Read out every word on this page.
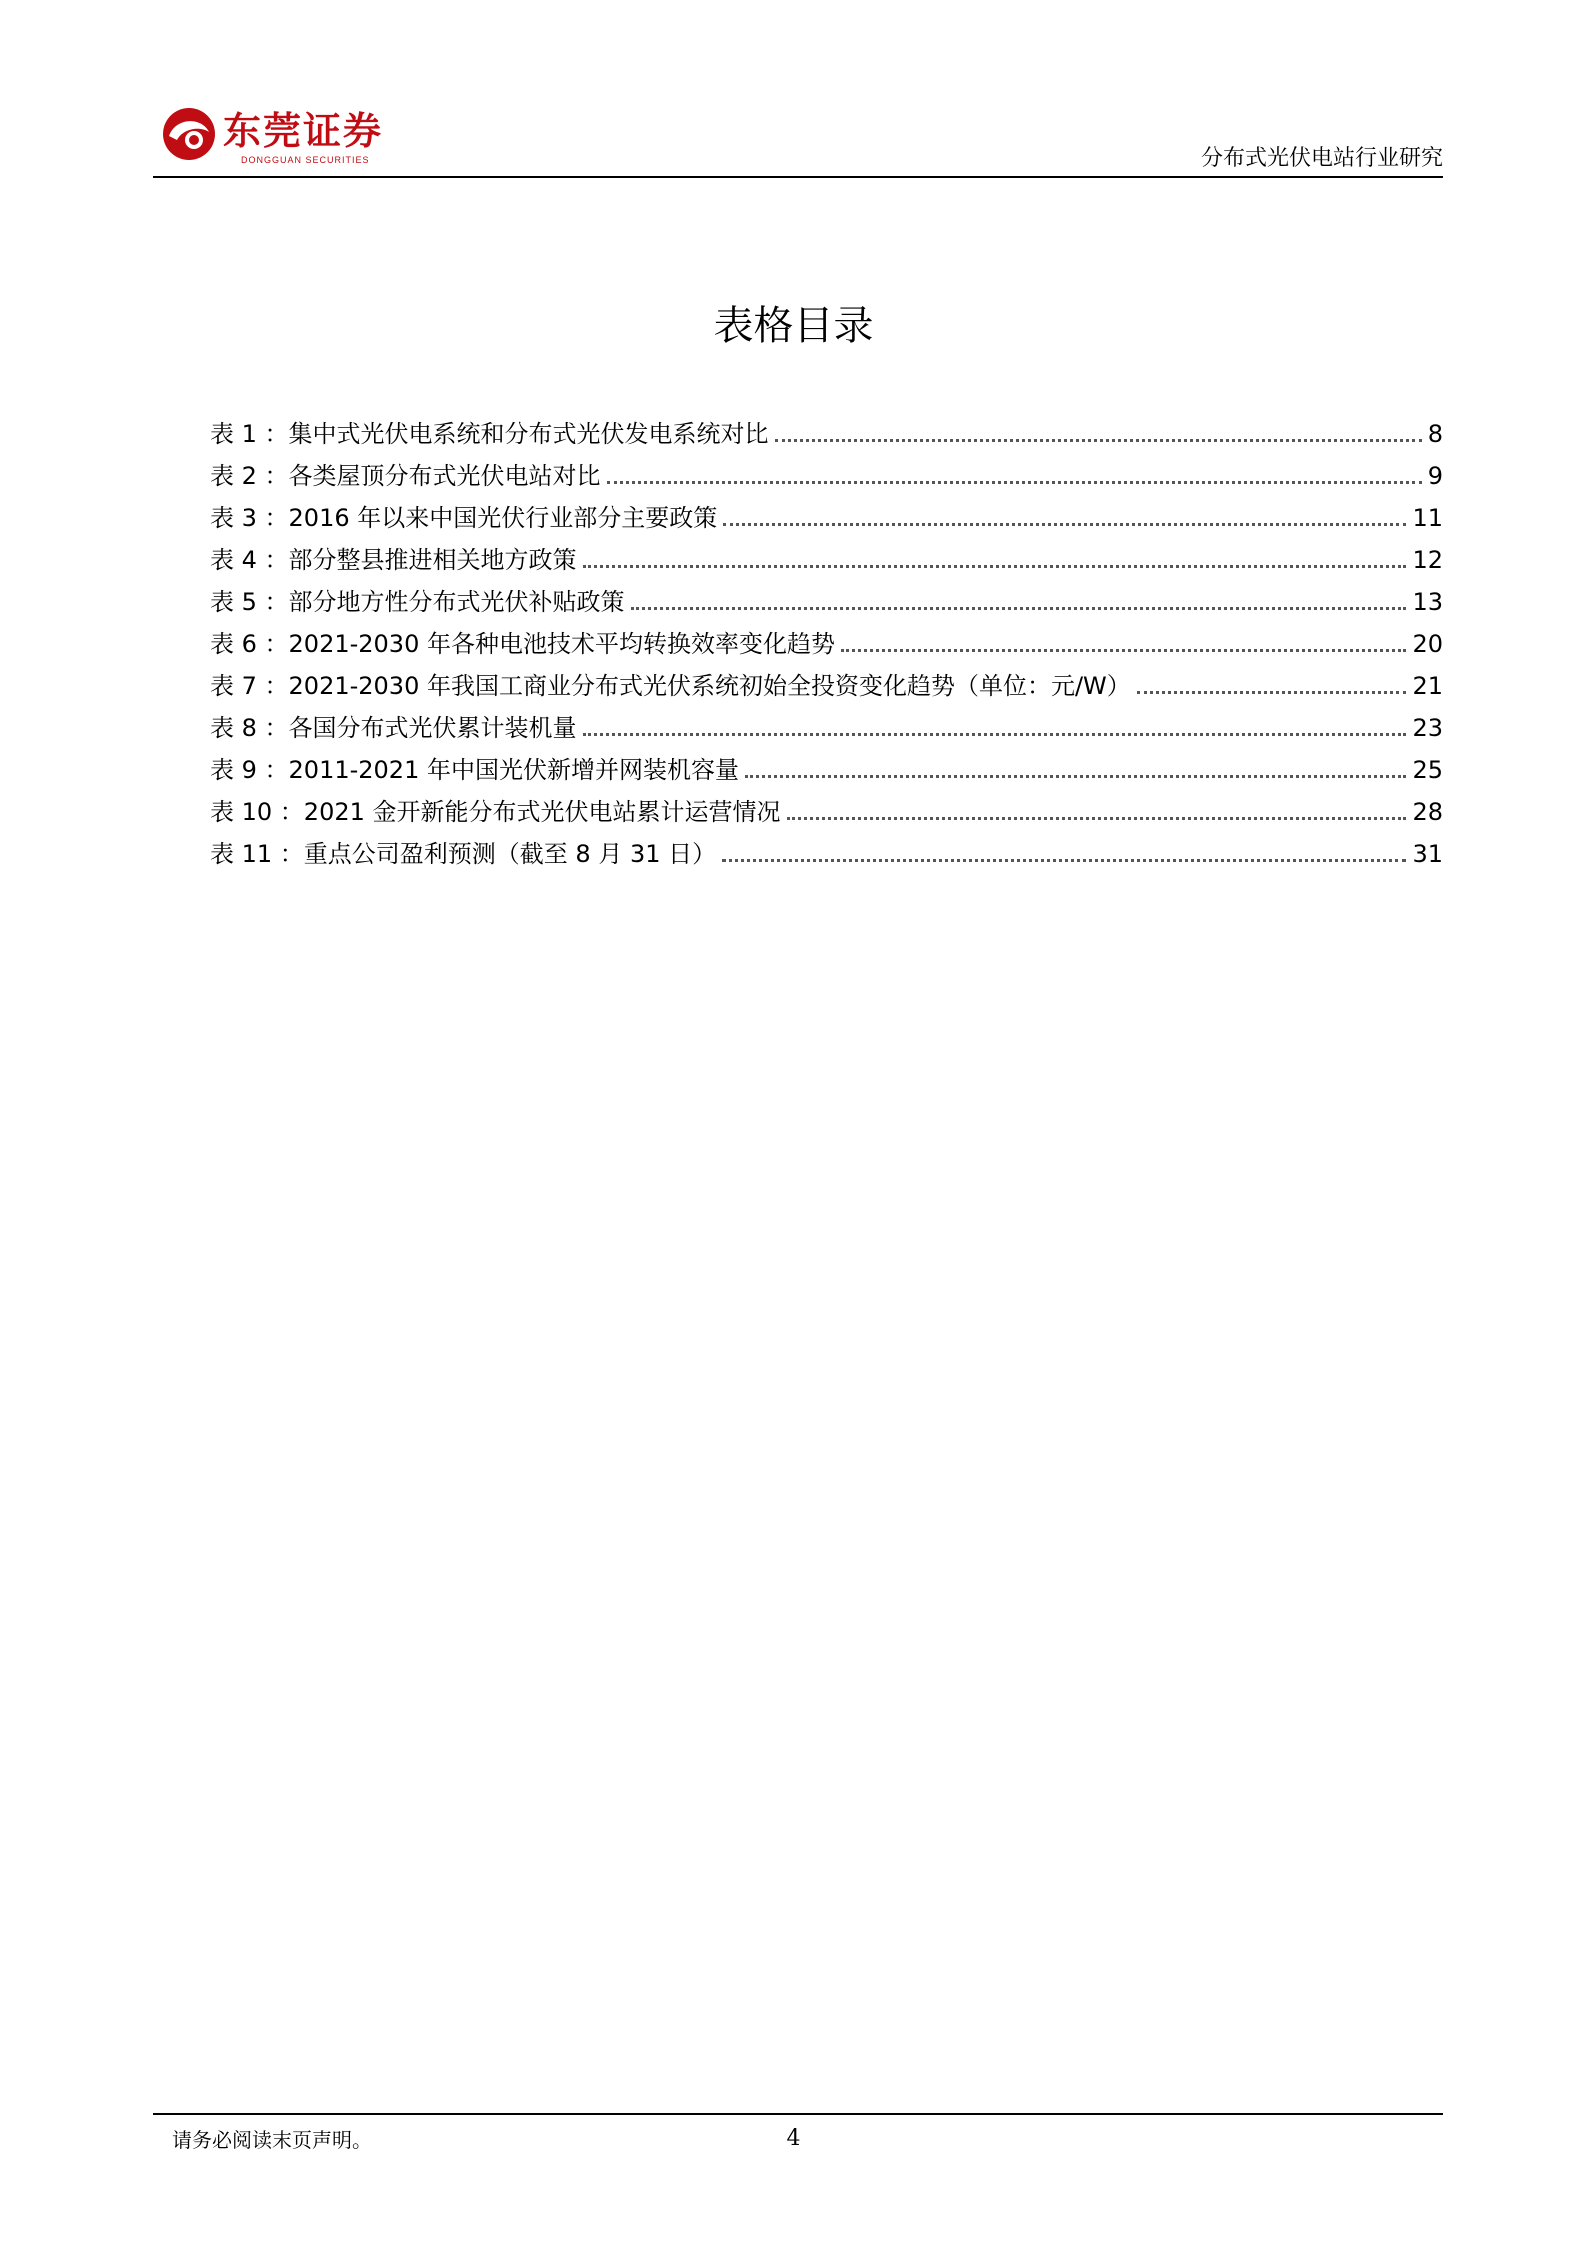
东莞证券
DONGGUAN SECURITIES	分布式光伏电站行业研究
表格目录
表 1 ：集中式光伏电系统和分布式光伏发电系统对比	8
表 2 ：各类屋顶分布式光伏电站对比	9
表 3 ：2016 年以来中国光伏行业部分主要政策	11
表 4 ：部分整县推进相关地方政策	12
表 5 ：部分地方性分布式光伏补贴政策	13
表 6 ：2021-2030 年各种电池技术平均转换效率变化趋势	20
表 7 ：2021-2030 年我国工商业分布式光伏系统初始全投资变化趋势（单位：元/W）	21
表 8 ：各国分布式光伏累计装机量	23
表 9 ：2011-2021 年中国光伏新增并网装机容量	25
表 10 ：2021 金开新能分布式光伏电站累计运营情况	28
表 11 ：重点公司盈利预测（截至 8 月 31 日）	31
请务必阅读末页声明。	4
